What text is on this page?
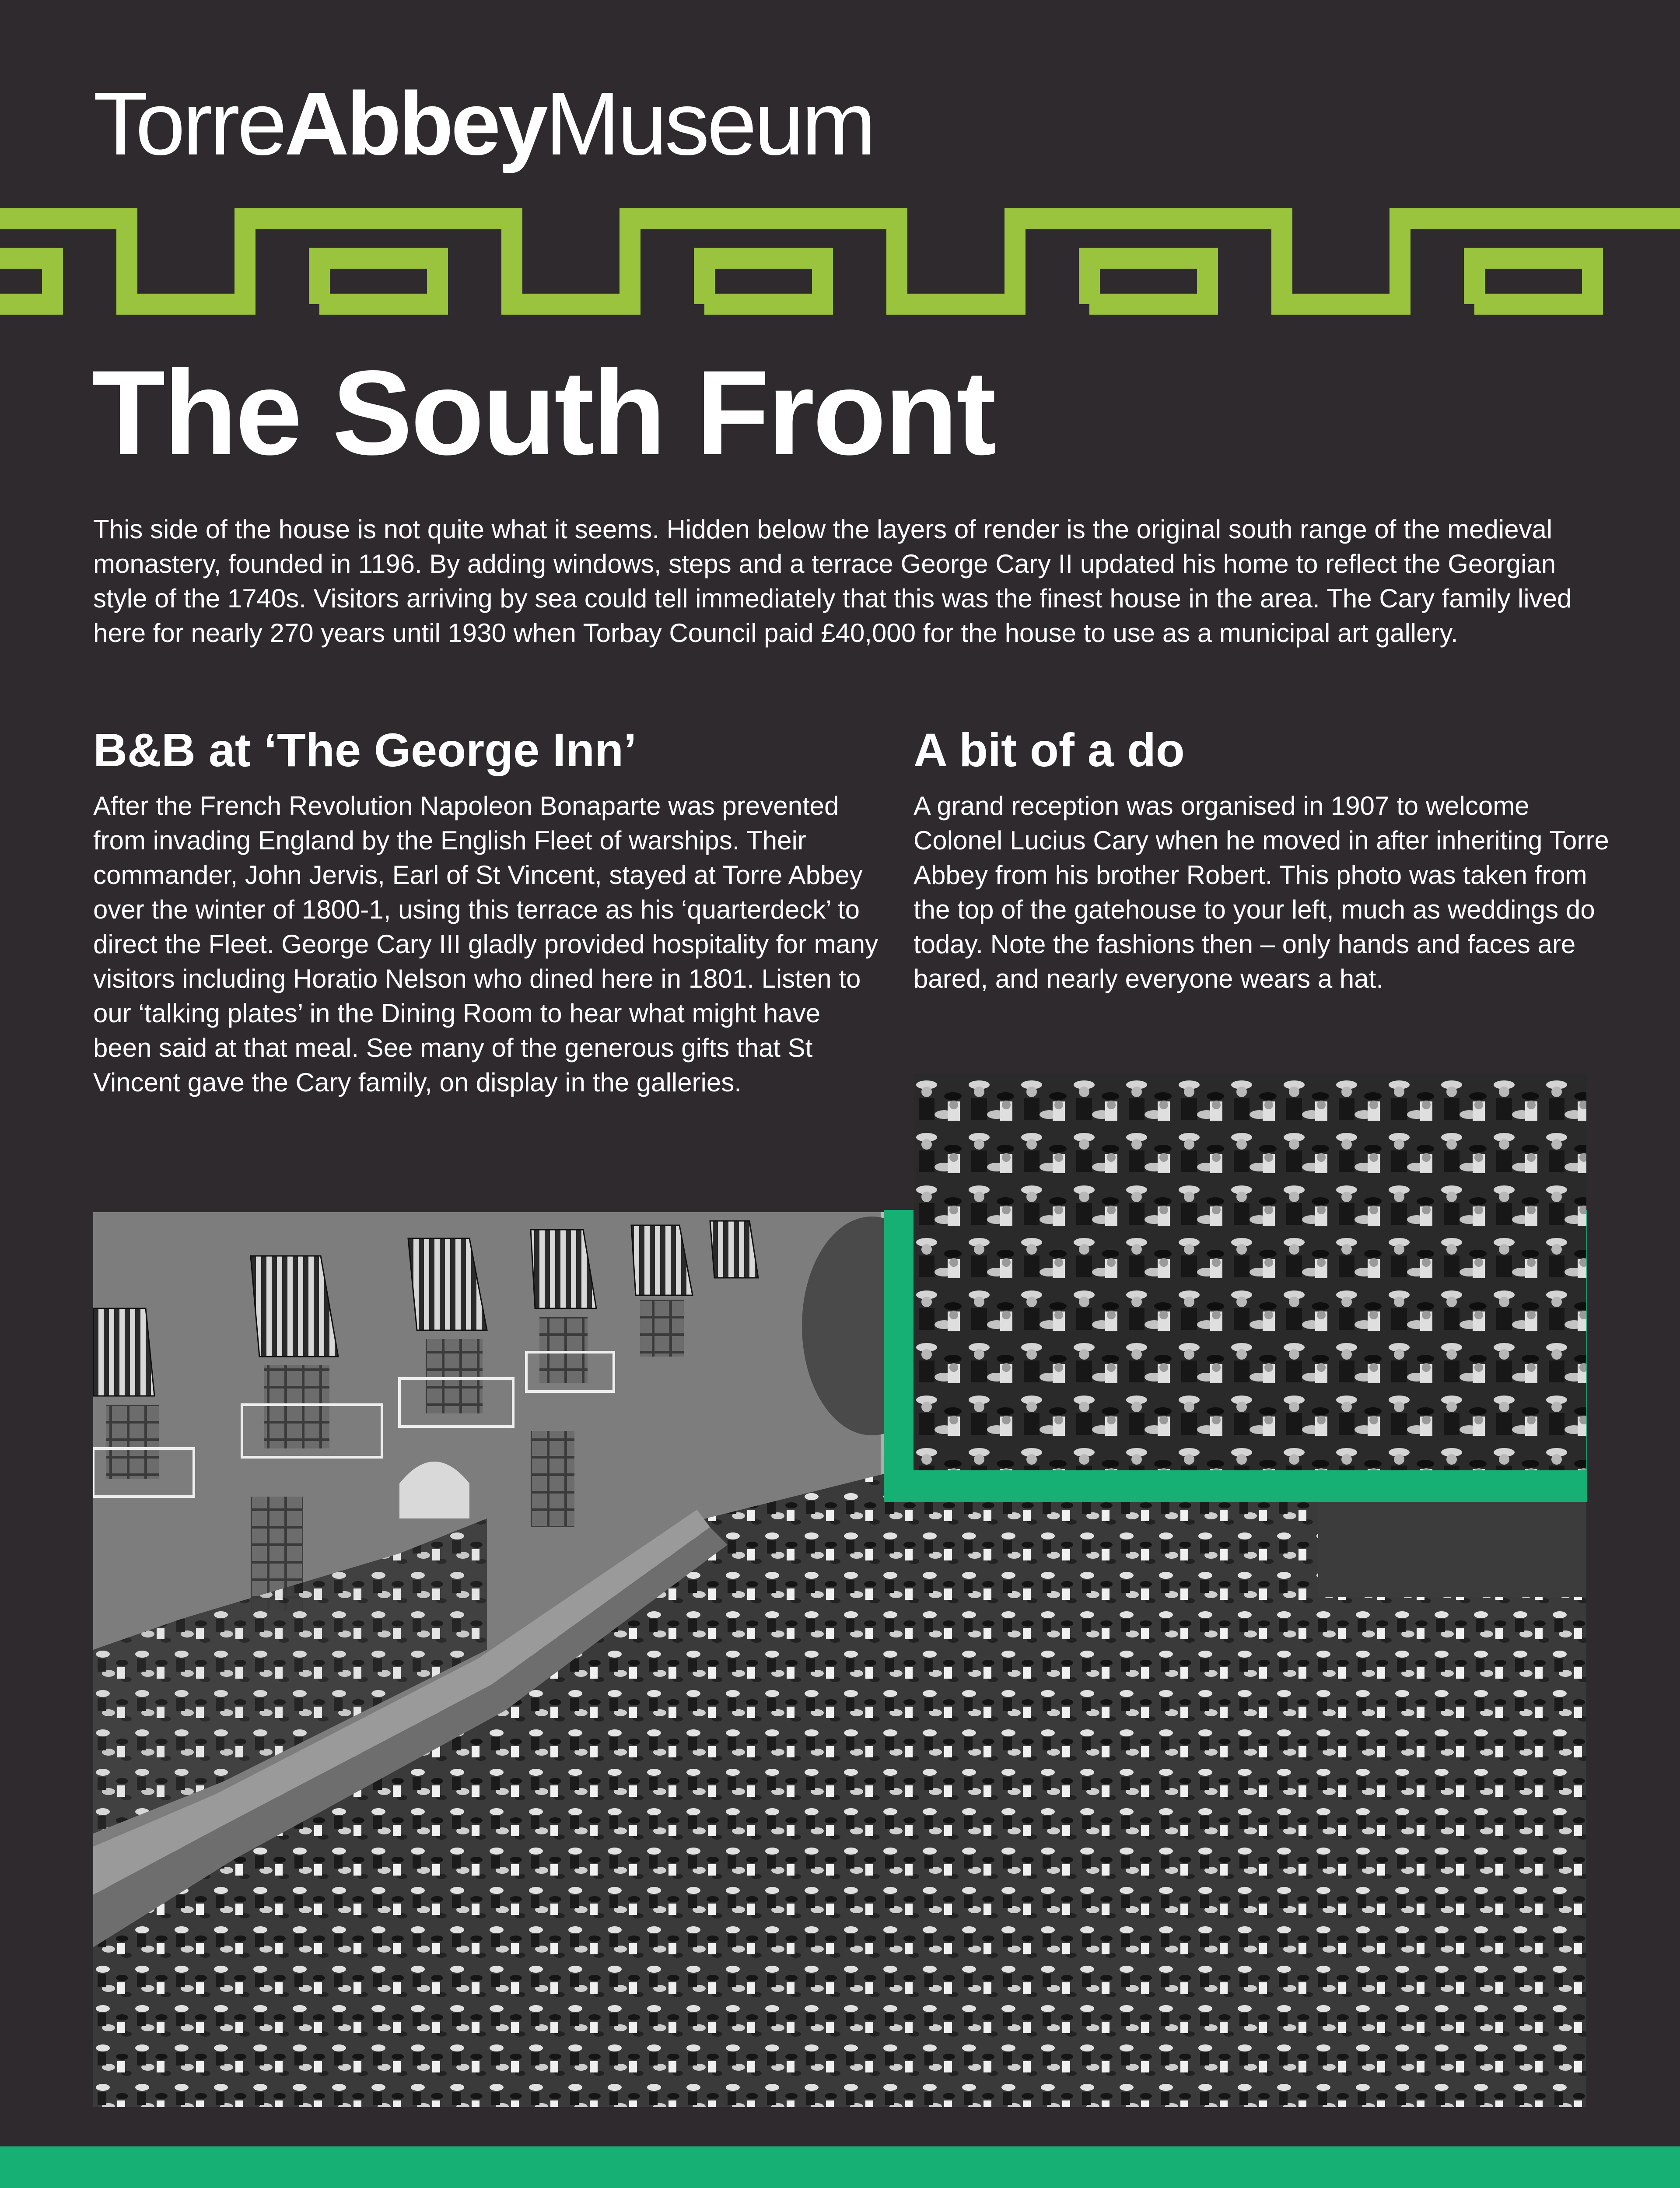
TorreAbbeyMuseum
The South Front

This side of the house is not quite what it seems. Hidden below the layers of render is the original south range of the medieval monastery, founded in 1196. By adding windows, steps and a terrace George Cary II updated his home to reflect the Georgian style of the 1740s. Visitors arriving by sea could tell immediately that this was the finest house in the area. The Cary family lived here for nearly 270 years until 1930 when Torbay Council paid £40,000 for the house to use as a municipal art gallery.

B&B at ‘The George Inn’

After the French Revolution Napoleon Bonaparte was prevented from invading England by the English Fleet of warships. Their commander, John Jervis, Earl of St Vincent, stayed at Torre Abbey over the winter of 1800-1, using this terrace as his ‘quarterdeck’ to direct the Fleet. George Cary III gladly provided hospitality for many visitors including Horatio Nelson who dined here in 1801. Listen to our ‘talking plates’ in the Dining Room to hear what might have been said at that meal. See many of the generous gifts that St Vincent gave the Cary family, on display in the galleries.

A bit of a do

A grand reception was organised in 1907 to welcome Colonel Lucius Cary when he moved in after inheriting Torre Abbey from his brother Robert. This photo was taken from the top of the gatehouse to your left, much as weddings do today. Note the fashions then – only hands and faces are bared, and nearly everyone wears a hat.
